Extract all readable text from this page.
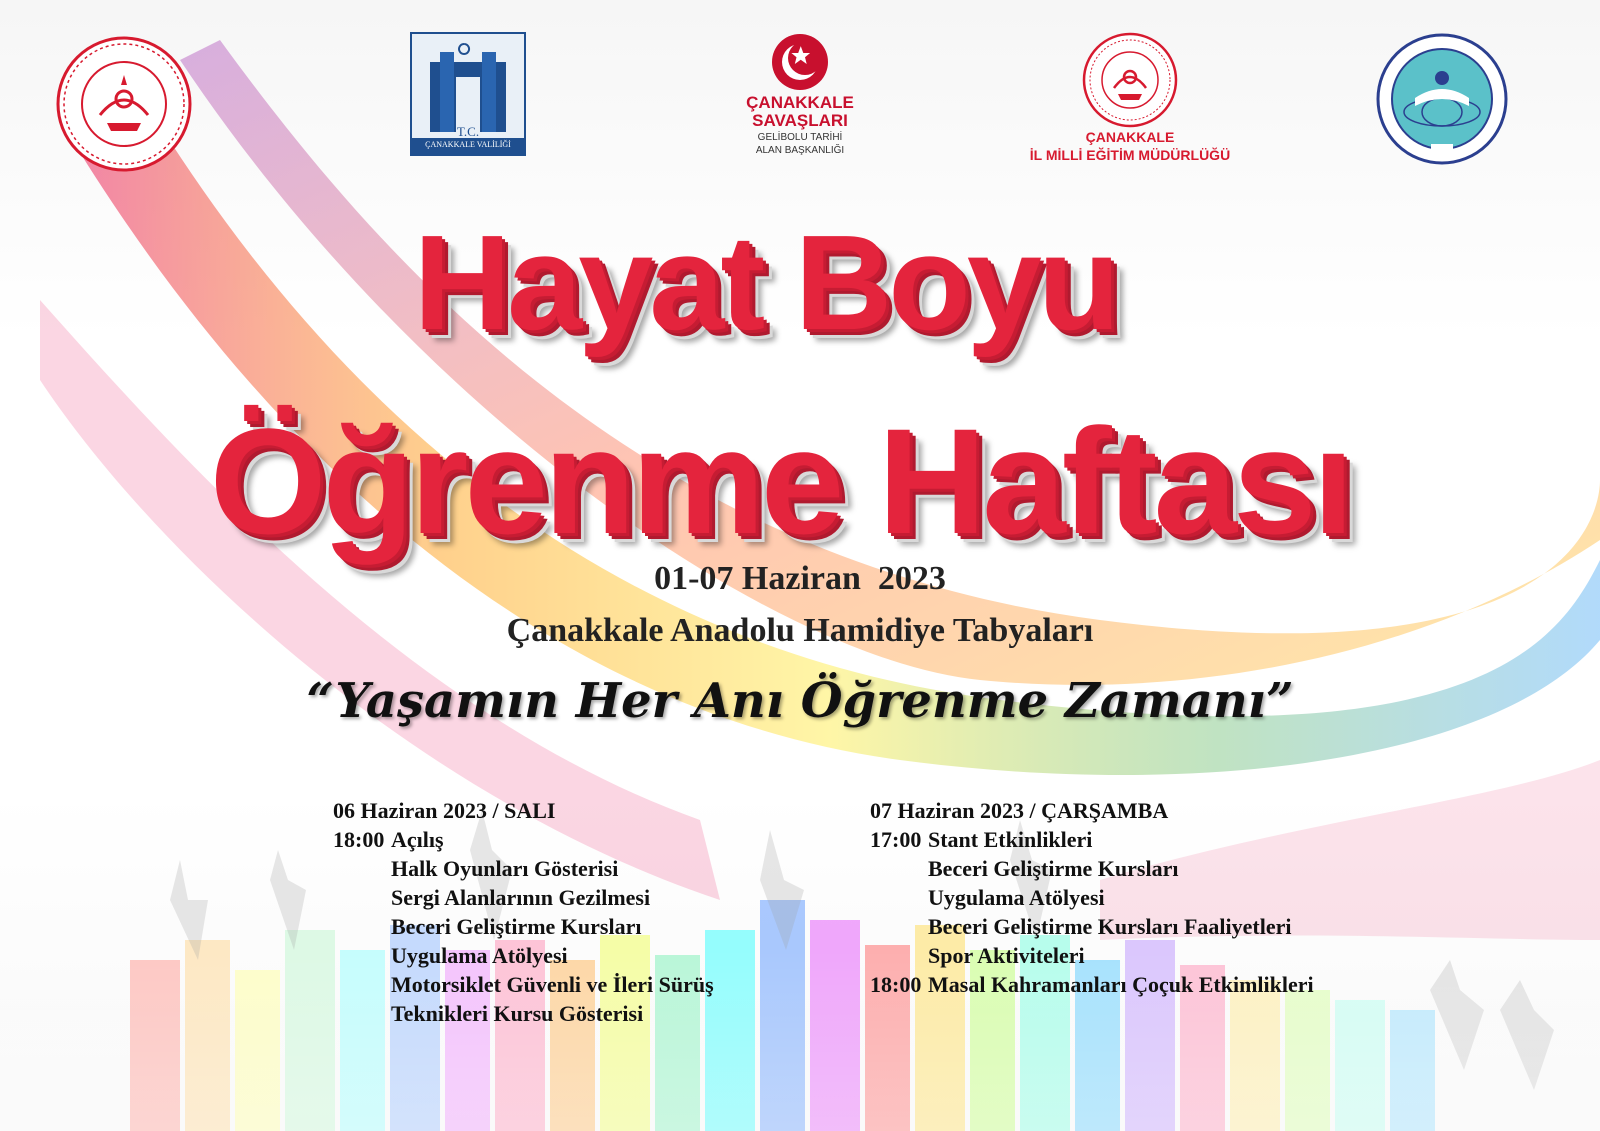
T.C.
ÇANAKKALE VALİLİĞİ
ÇANAKKALE
SAVAŞLARI
GELİBOLU TARİHİ
ALAN BAŞKANLIĞI
ÇANAKKALE
İL MİLLİ EĞİTİM MÜDÜRLÜĞÜ
Hayat Boyu
Öğrenme Haftası
01-07 Haziran  2023
Çanakkale Anadolu Hamidiye Tabyaları
“Yaşamın Her Anı Öğrenme Zamanı”
06 Haziran 2023 / SALI
18:00 Açılış
Halk Oyunları Gösterisi
Sergi Alanlarının Gezilmesi
Beceri Geliştirme Kursları
Uygulama Atölyesi
Motorsiklet Güvenli ve İleri Sürüş
Teknikleri Kursu Gösterisi
07 Haziran 2023 / ÇARŞAMBA
17:00 Stant Etkinlikleri
Beceri Geliştirme Kursları
Uygulama Atölyesi
Beceri Geliştirme Kursları Faaliyetleri
Spor Aktiviteleri
18:00 Masal Kahramanları Çoçuk Etkimlikleri
